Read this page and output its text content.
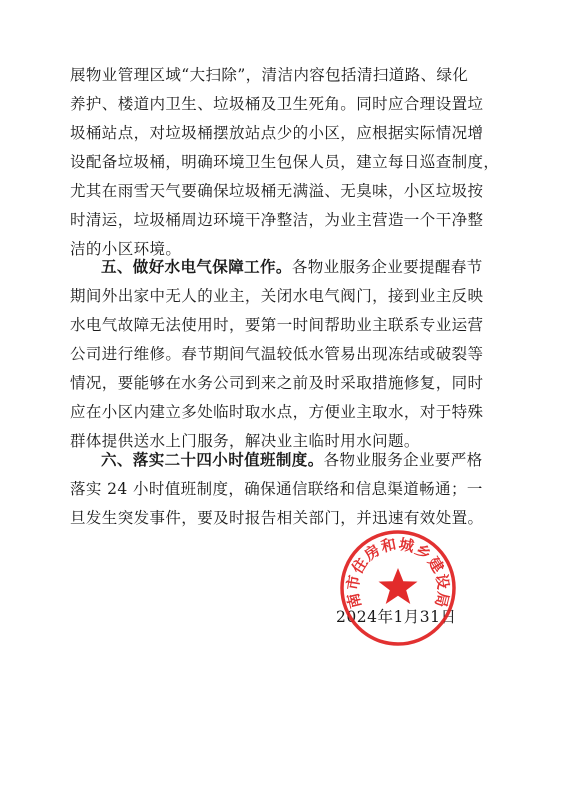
展物业管理区域“大扫除”，清洁内容包括清扫道路、绿化
养护、楼道内卫生、垃圾桶及卫生死角。同时应合理设置垃
圾桶站点，对垃圾桶摆放站点少的小区，应根据实际情况增
设配备垃圾桶，明确环境卫生包保人员，建立每日巡查制度，
尤其在雨雪天气要确保垃圾桶无满溢、无臭味，小区垃圾按
时清运，垃圾桶周边环境干净整洁，为业主营造一个干净整
洁的小区环境。
五、做好水电气保障工作。各物业服务企业要提醒春节
期间外出家中无人的业主，关闭水电气阀门，接到业主反映
水电气故障无法使用时，要第一时间帮助业主联系专业运营
公司进行维修。春节期间气温较低水管易出现冻结或破裂等
情况，要能够在水务公司到来之前及时采取措施修复，同时
应在小区内建立多处临时取水点，方便业主取水，对于特殊
群体提供送水上门服务，解决业主临时用水问题。
六、落实二十四小时值班制度。各物业服务企业要严格
落实 24 小时值班制度，确保通信联络和信息渠道畅通；一
旦发生突发事件，要及时报告相关部门，并迅速有效处置。
2024年1月31日
南市住房和城乡建设局
